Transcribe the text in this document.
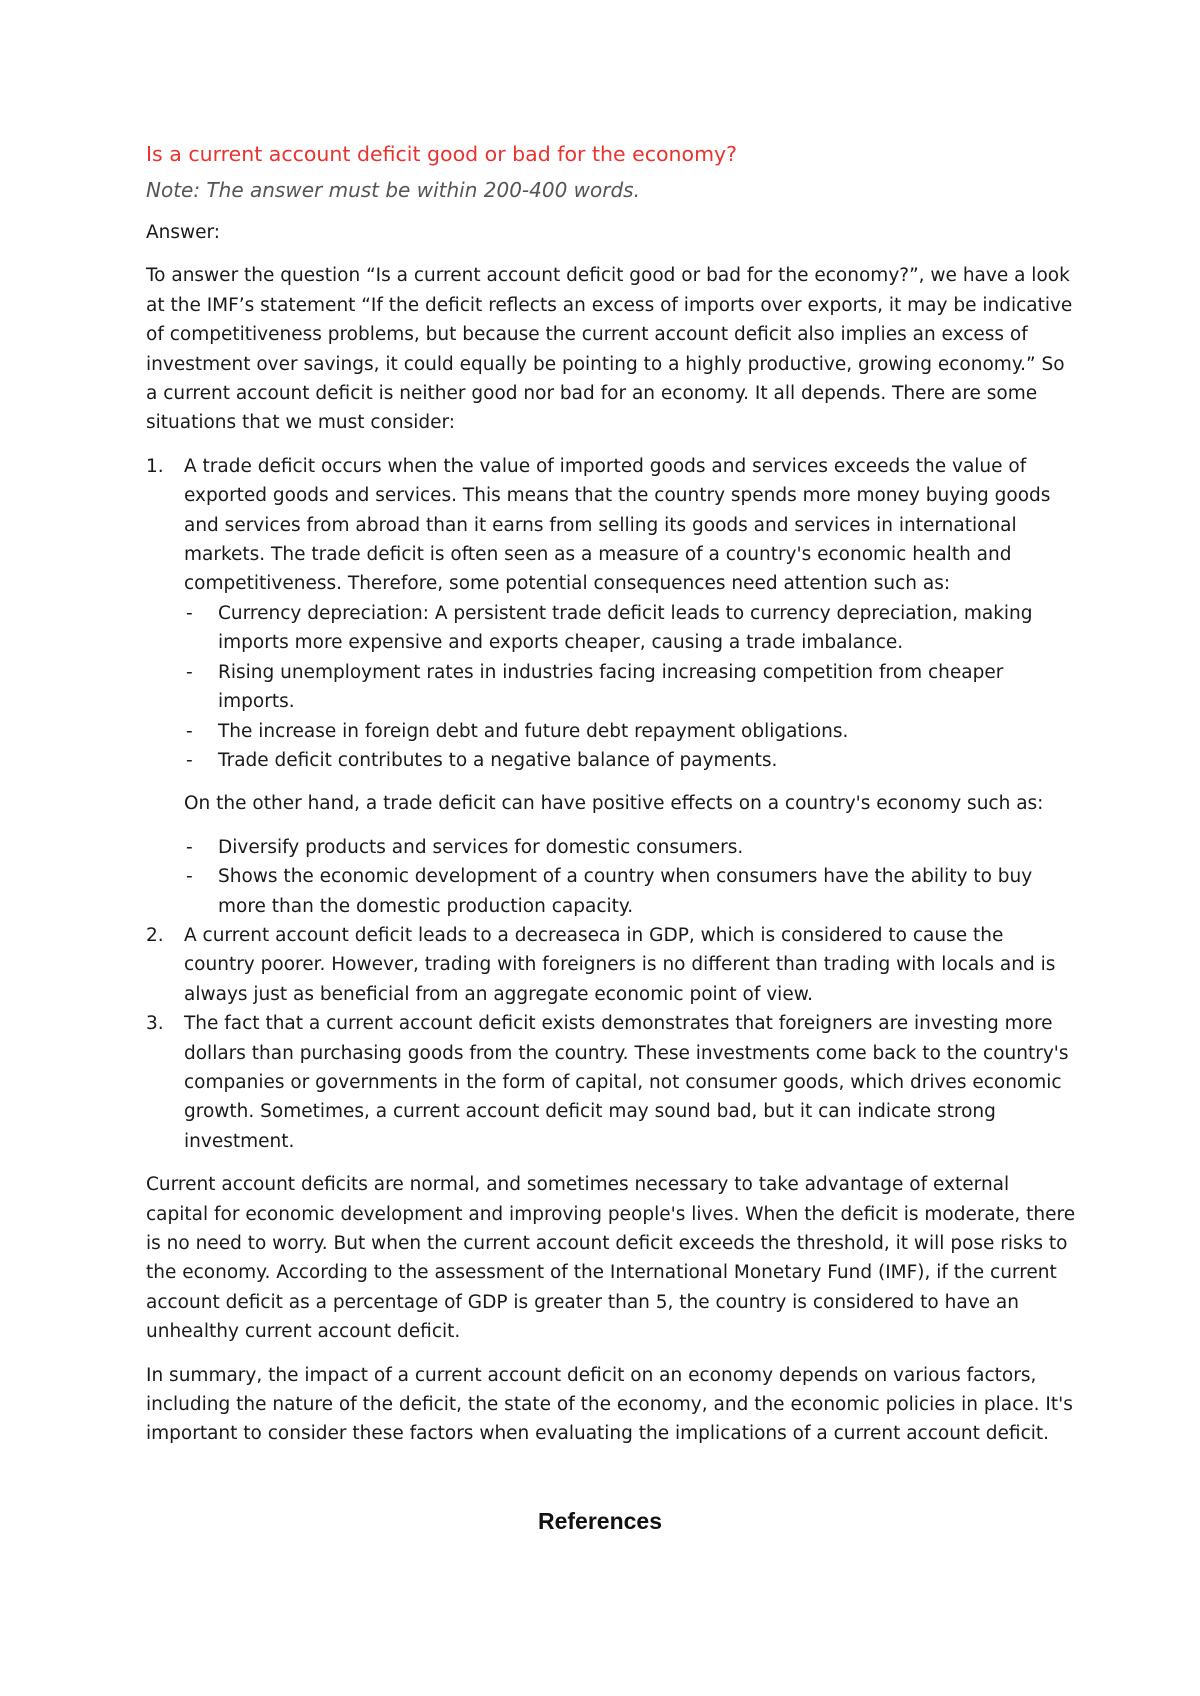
Is a current account deficit good or bad for the economy?
Note: The answer must be within 200-400 words.
Answer:

To answer the question “Is a current account deficit good or bad for the economy?”, we have a look at the IMF’s statement “If the deficit reflects an excess of imports over exports, it may be indicative of competitiveness problems, but because the current account deficit also implies an excess of investment over savings, it could equally be pointing to a highly productive, growing economy.” So a current account deficit is neither good nor bad for an economy. It all depends. There are some situations that we must consider:

1. A trade deficit occurs when the value of imported goods and services exceeds the value of exported goods and services. This means that the country spends more money buying goods and services from abroad than it earns from selling its goods and services in international markets. The trade deficit is often seen as a measure of a country's economic health and competitiveness. Therefore, some potential consequences need attention such as:
- Currency depreciation: A persistent trade deficit leads to currency depreciation, making imports more expensive and exports cheaper, causing a trade imbalance.
- Rising unemployment rates in industries facing increasing competition from cheaper imports.
- The increase in foreign debt and future debt repayment obligations.
- Trade deficit contributes to a negative balance of payments.
On the other hand, a trade deficit can have positive effects on a country's economy such as:
- Diversify products and services for domestic consumers.
- Shows the economic development of a country when consumers have the ability to buy more than the domestic production capacity.
2. A current account deficit leads to a decreaseca in GDP, which is considered to cause the country poorer. However, trading with foreigners is no different than trading with locals and is always just as beneficial from an aggregate economic point of view.
3. The fact that a current account deficit exists demonstrates that foreigners are investing more dollars than purchasing goods from the country. These investments come back to the country's companies or governments in the form of capital, not consumer goods, which drives economic growth. Sometimes, a current account deficit may sound bad, but it can indicate strong investment.

Current account deficits are normal, and sometimes necessary to take advantage of external capital for economic development and improving people's lives. When the deficit is moderate, there is no need to worry. But when the current account deficit exceeds the threshold, it will pose risks to the economy. According to the assessment of the International Monetary Fund (IMF), if the current account deficit as a percentage of GDP is greater than 5, the country is considered to have an unhealthy current account deficit.

In summary, the impact of a current account deficit on an economy depends on various factors, including the nature of the deficit, the state of the economy, and the economic policies in place. It's important to consider these factors when evaluating the implications of a current account deficit.

References
